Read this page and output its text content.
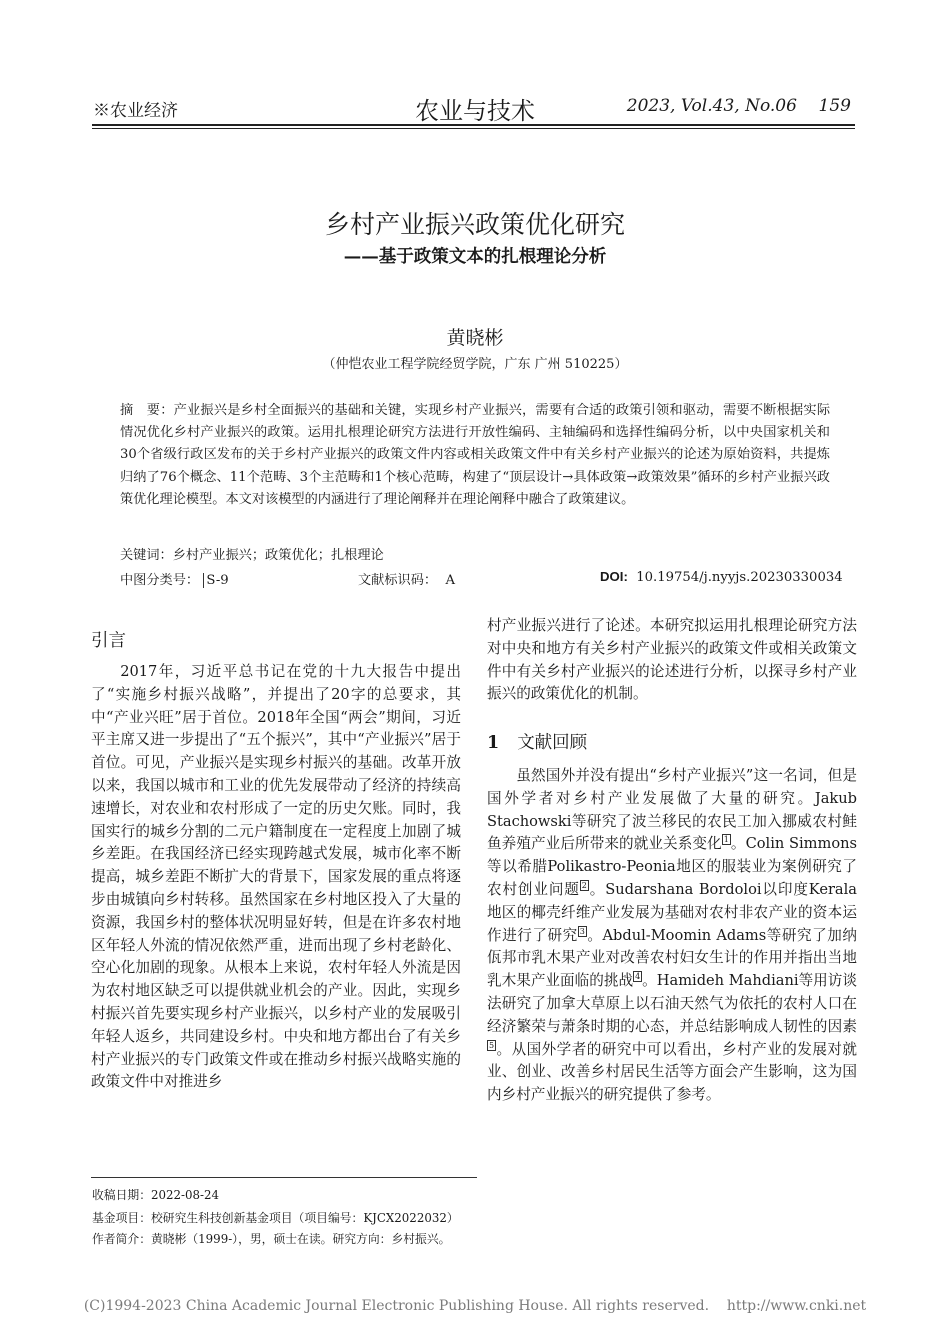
※农业经济	农业与技术	2023, Vol.43, No.06 159
乡村产业振兴政策优化研究
——基于政策文本的扎根理论分析
黄晓彬
（仲恺农业工程学院经贸学院，广东 广州 510225）
摘　要：产业振兴是乡村全面振兴的基础和关键，实现乡村产业振兴，需要有合适的政策引领和驱动，需要不断根据实际情况优化乡村产业振兴的政策。运用扎根理论研究方法进行开放性编码、主轴编码和选择性编码分析，以中央国家机关和30个省级行政区发布的关于乡村产业振兴的政策文件内容或相关政策文件中有关乡村产业振兴的论述为原始资料，共提炼归纳了76个概念、11个范畴、3个主范畴和1个核心范畴，构建了“顶层设计→具体政策→政策效果”循环的乡村产业振兴政策优化理论模型。本文对该模型的内涵进行了理论阐释并在理论阐释中融合了政策建议。
关键词：乡村产业振兴；政策优化；扎根理论
中图分类号： S-9	文献标识码： A	DOI: 10.19754/j.nyyjs.20230330034
引言

2017年，习近平总书记在党的十九大报告中提出了“实施乡村振兴战略”，并提出了20字的总要求，其中“产业兴旺”居于首位。2018年全国“两会”期间，习近平主席又进一步提出了“五个振兴”，其中“产业振兴”居于首位。可见，产业振兴是实现乡村振兴的基础。改革开放以来，我国以城市和工业的优先发展带动了经济的持续高速增长，对农业和农村形成了一定的历史欠账。同时，我国实行的城乡分割的二元户籍制度在一定程度上加剧了城乡差距。在我国经济已经实现跨越式发展，城市化率不断提高，城乡差距不断扩大的背景下，国家发展的重点将逐步由城镇向乡村转移。虽然国家在乡村地区投入了大量的资源，我国乡村的整体状况明显好转，但是在许多农村地区年轻人外流的情况依然严重，进而出现了乡村老龄化、空心化加剧的现象。从根本上来说，农村年轻人外流是因为农村地区缺乏可以提供就业机会的产业。因此，实现乡村振兴首先要实现乡村产业振兴，以乡村产业的发展吸引年轻人返乡，共同建设乡村。中央和地方都出台了有关乡村产业振兴的专门政策文件或在推动乡村振兴战略实施的政策文件中对推进乡

村产业振兴进行了论述。本研究拟运用扎根理论研究方法对中央和地方有关乡村产业振兴的政策文件或相关政策文件中有关乡村产业振兴的论述进行分析，以探寻乡村产业振兴的政策优化的机制。

1 文献回顾

虽然国外并没有提出“乡村产业振兴”这一名词，但是国外学者对乡村产业发展做了大量的研究。Jakub Stachowski等研究了波兰移民的农民工加入挪威农村鲑鱼养殖产业后所带来的就业关系变化 $^1$ 。Colin Simmons等以希腊Polikastro-Peonia地区的服装业为案例研究了农村创业问题 $^2$ 。Sudarshana Bordoloi以印度Kerala地区的椰壳纤维产业发展为基础对农村非农产业的资本运作进行了研究 $^3$ 。Abdul-Moomin Adams等研究了加纳佤邦市乳木果产业对改善农村妇女生计的作用并指出当地乳木果产业面临的挑战 $^4$ 。Hamideh Mahdiani等用访谈法研究了加拿大草原上以石油天然气为依托的农村人口在经济繁荣与萧条时期的心态，并总结影响成人韧性的因素$^5$ 。从国外学者的研究中可以看出，乡村产业的发展对就业、创业、改善乡村居民生活等方面会产生影响，这为国内乡村产业振兴的研究提供了参考。

收稿日期：2022-08-24
基金项目：校研究生科技创新基金项目（项目编号：KJCX2022032）
作者简介：黄晓彬（1999-），男，硕士在读。研究方向：乡村振兴。
(C)1994-2023 China Academic Journal Electronic Publishing House. All rights reserved.    http://www.cnki.net
